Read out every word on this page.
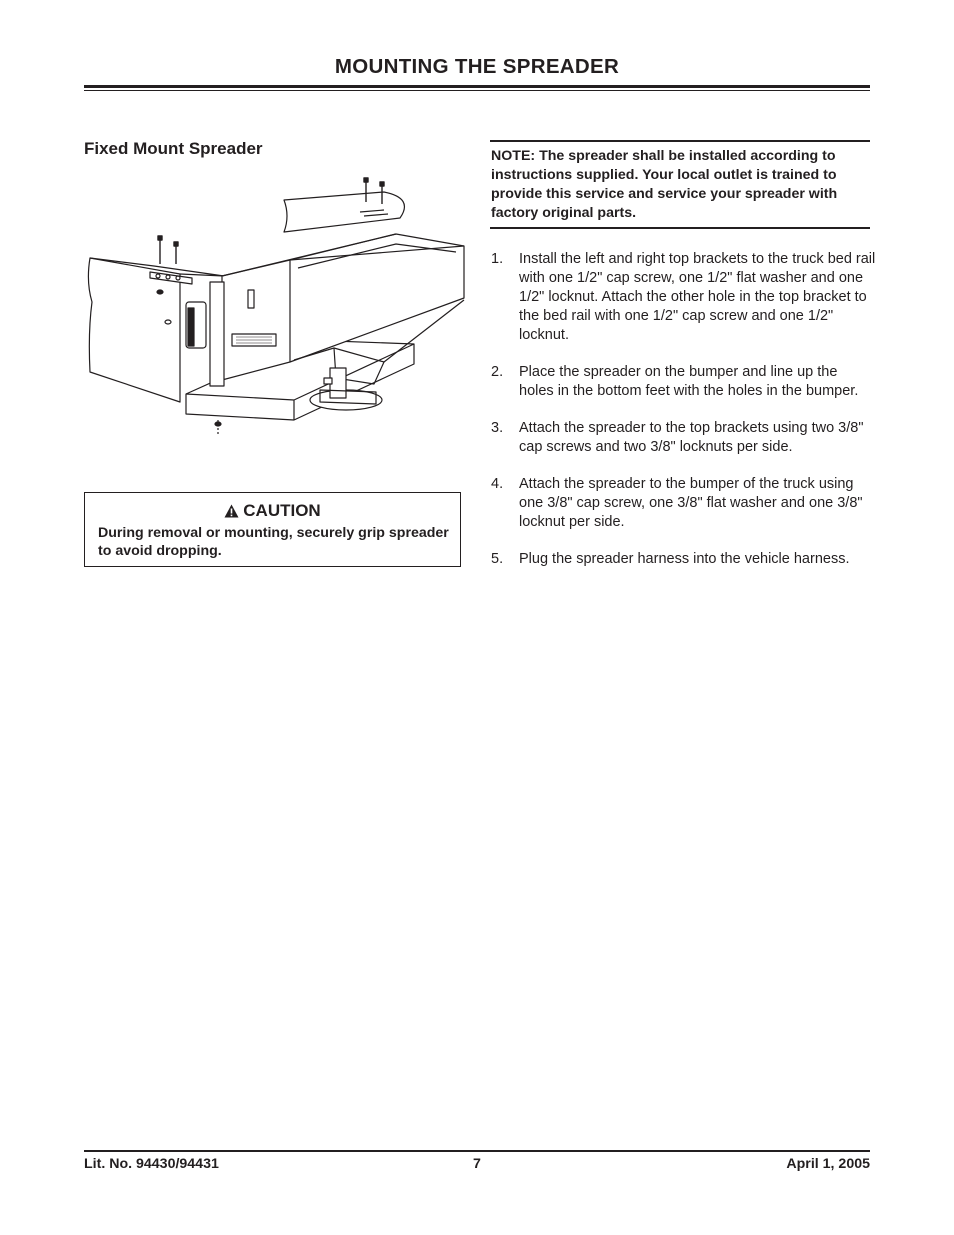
MOUNTING THE SPREADER
Fixed Mount Spreader
CAUTION
During removal or mounting, securely grip spreader to avoid dropping.

NOTE: The spreader shall be installed according to instructions supplied. Your local outlet is trained to provide this service and service your spreader with factory original parts.

1.	Install the left and right top brackets to the truck bed rail with one 1/2" cap screw, one 1/2" flat washer and one 1/2" locknut. Attach the other hole in the top bracket to the bed rail with one 1/2" cap screw and one 1/2" locknut.
2.	Place the spreader on the bumper and line up the holes in the bottom feet with the holes in the bumper.
3.	Attach the spreader to the top brackets using two 3/8" cap screws and two 3/8" locknuts per side.
4.	Attach the spreader to the bumper of the truck using one 3/8" cap screw, one 3/8" flat washer and one 3/8" locknut per side.
5.	Plug the spreader harness into the vehicle harness.
Lit. No. 94430/94431	7	April 1, 2005
